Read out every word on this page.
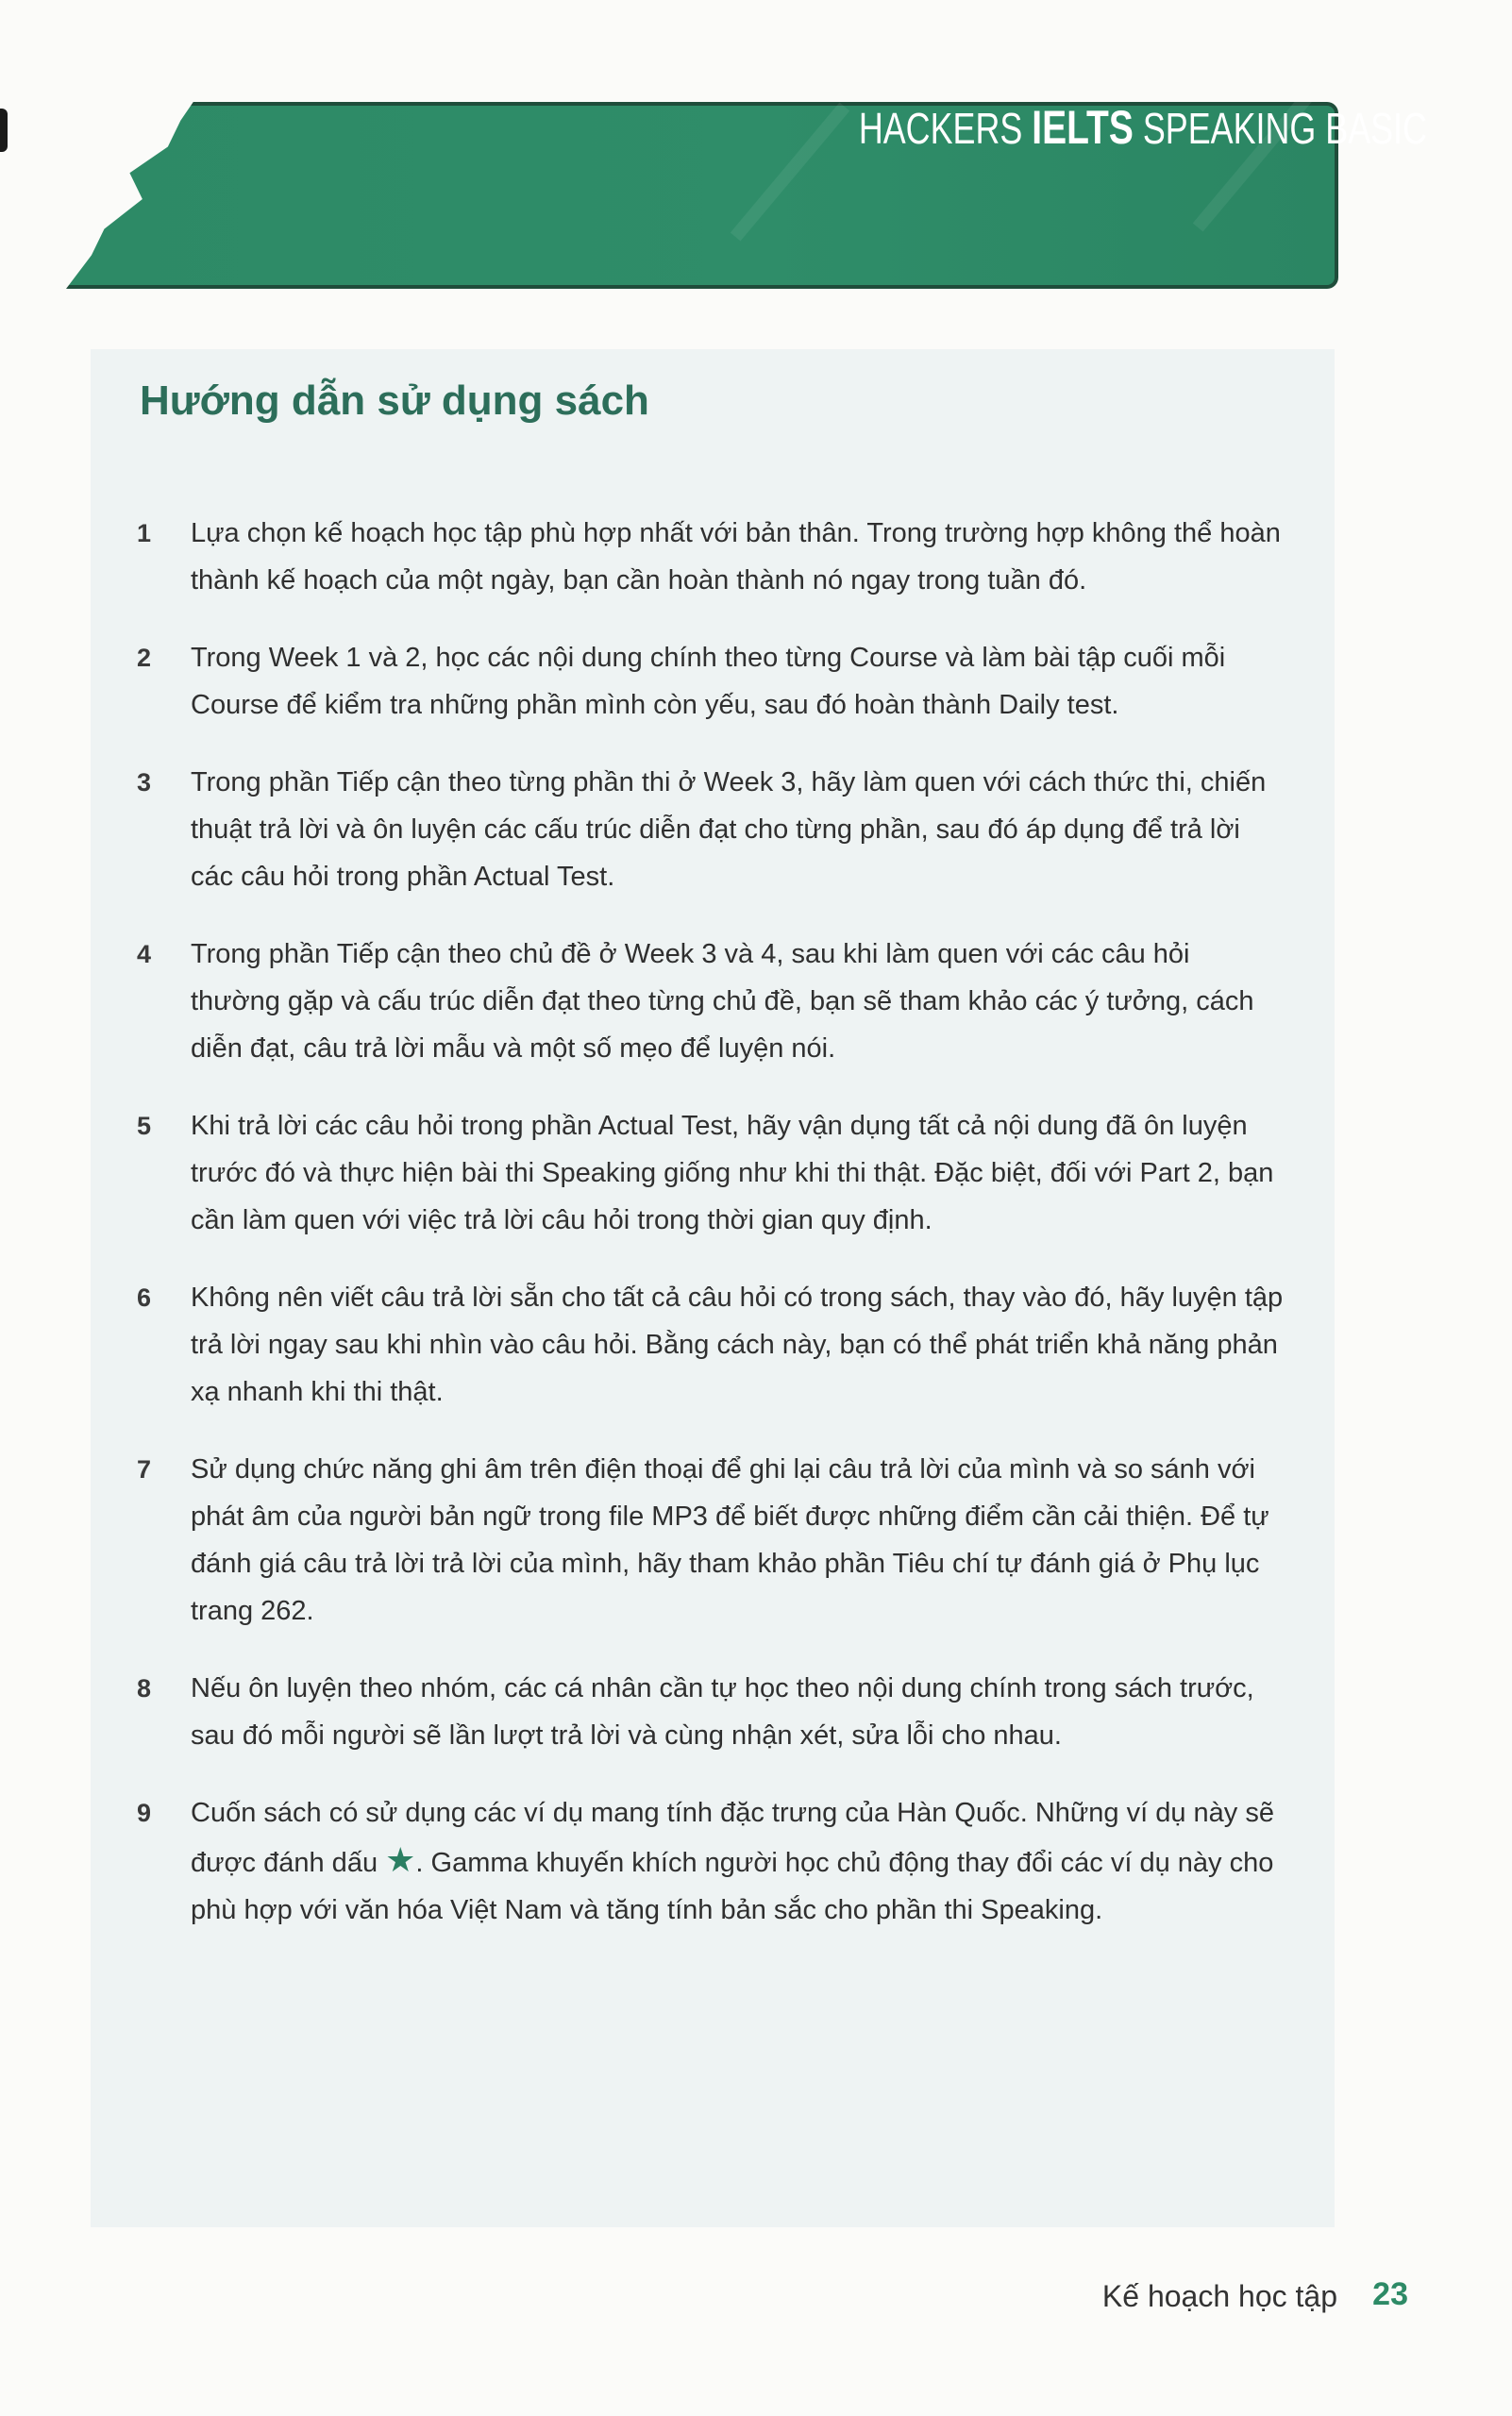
HACKERS IELTS SPEAKING BASIC
Hướng dẫn sử dụng sách
1 Lựa chọn kế hoạch học tập phù hợp nhất với bản thân. Trong trường hợp không thể hoàn thành kế hoạch của một ngày, bạn cần hoàn thành nó ngay trong tuần đó.
2 Trong Week 1 và 2, học các nội dung chính theo từng Course và làm bài tập cuối mỗi Course để kiểm tra những phần mình còn yếu, sau đó hoàn thành Daily test.
3 Trong phần Tiếp cận theo từng phần thi ở Week 3, hãy làm quen với cách thức thi, chiến thuật trả lời và ôn luyện các cấu trúc diễn đạt cho từng phần, sau đó áp dụng để trả lời các câu hỏi trong phần Actual Test.
4 Trong phần Tiếp cận theo chủ đề ở Week 3 và 4, sau khi làm quen với các câu hỏi thường gặp và cấu trúc diễn đạt theo từng chủ đề, bạn sẽ tham khảo các ý tưởng, cách diễn đạt, câu trả lời mẫu và một số mẹo để luyện nói.
5 Khi trả lời các câu hỏi trong phần Actual Test, hãy vận dụng tất cả nội dung đã ôn luyện trước đó và thực hiện bài thi Speaking giống như khi thi thật. Đặc biệt, đối với Part 2, bạn cần làm quen với việc trả lời câu hỏi trong thời gian quy định.
6 Không nên viết câu trả lời sẵn cho tất cả câu hỏi có trong sách, thay vào đó, hãy luyện tập trả lời ngay sau khi nhìn vào câu hỏi. Bằng cách này, bạn có thể phát triển khả năng phản xạ nhanh khi thi thật.
7 Sử dụng chức năng ghi âm trên điện thoại để ghi lại câu trả lời của mình và so sánh với phát âm của người bản ngữ trong file MP3 để biết được những điểm cần cải thiện. Để tự đánh giá câu trả lời trả lời của mình, hãy tham khảo phần Tiêu chí tự đánh giá ở Phụ lục trang 262.
8 Nếu ôn luyện theo nhóm, các cá nhân cần tự học theo nội dung chính trong sách trước, sau đó mỗi người sẽ lần lượt trả lời và cùng nhận xét, sửa lỗi cho nhau.
9 Cuốn sách có sử dụng các ví dụ mang tính đặc trưng của Hàn Quốc. Những ví dụ này sẽ được đánh dấu ★. Gamma khuyến khích người học chủ động thay đổi các ví dụ này cho phù hợp với văn hóa Việt Nam và tăng tính bản sắc cho phần thi Speaking.
Kế hoạch học tập 23
